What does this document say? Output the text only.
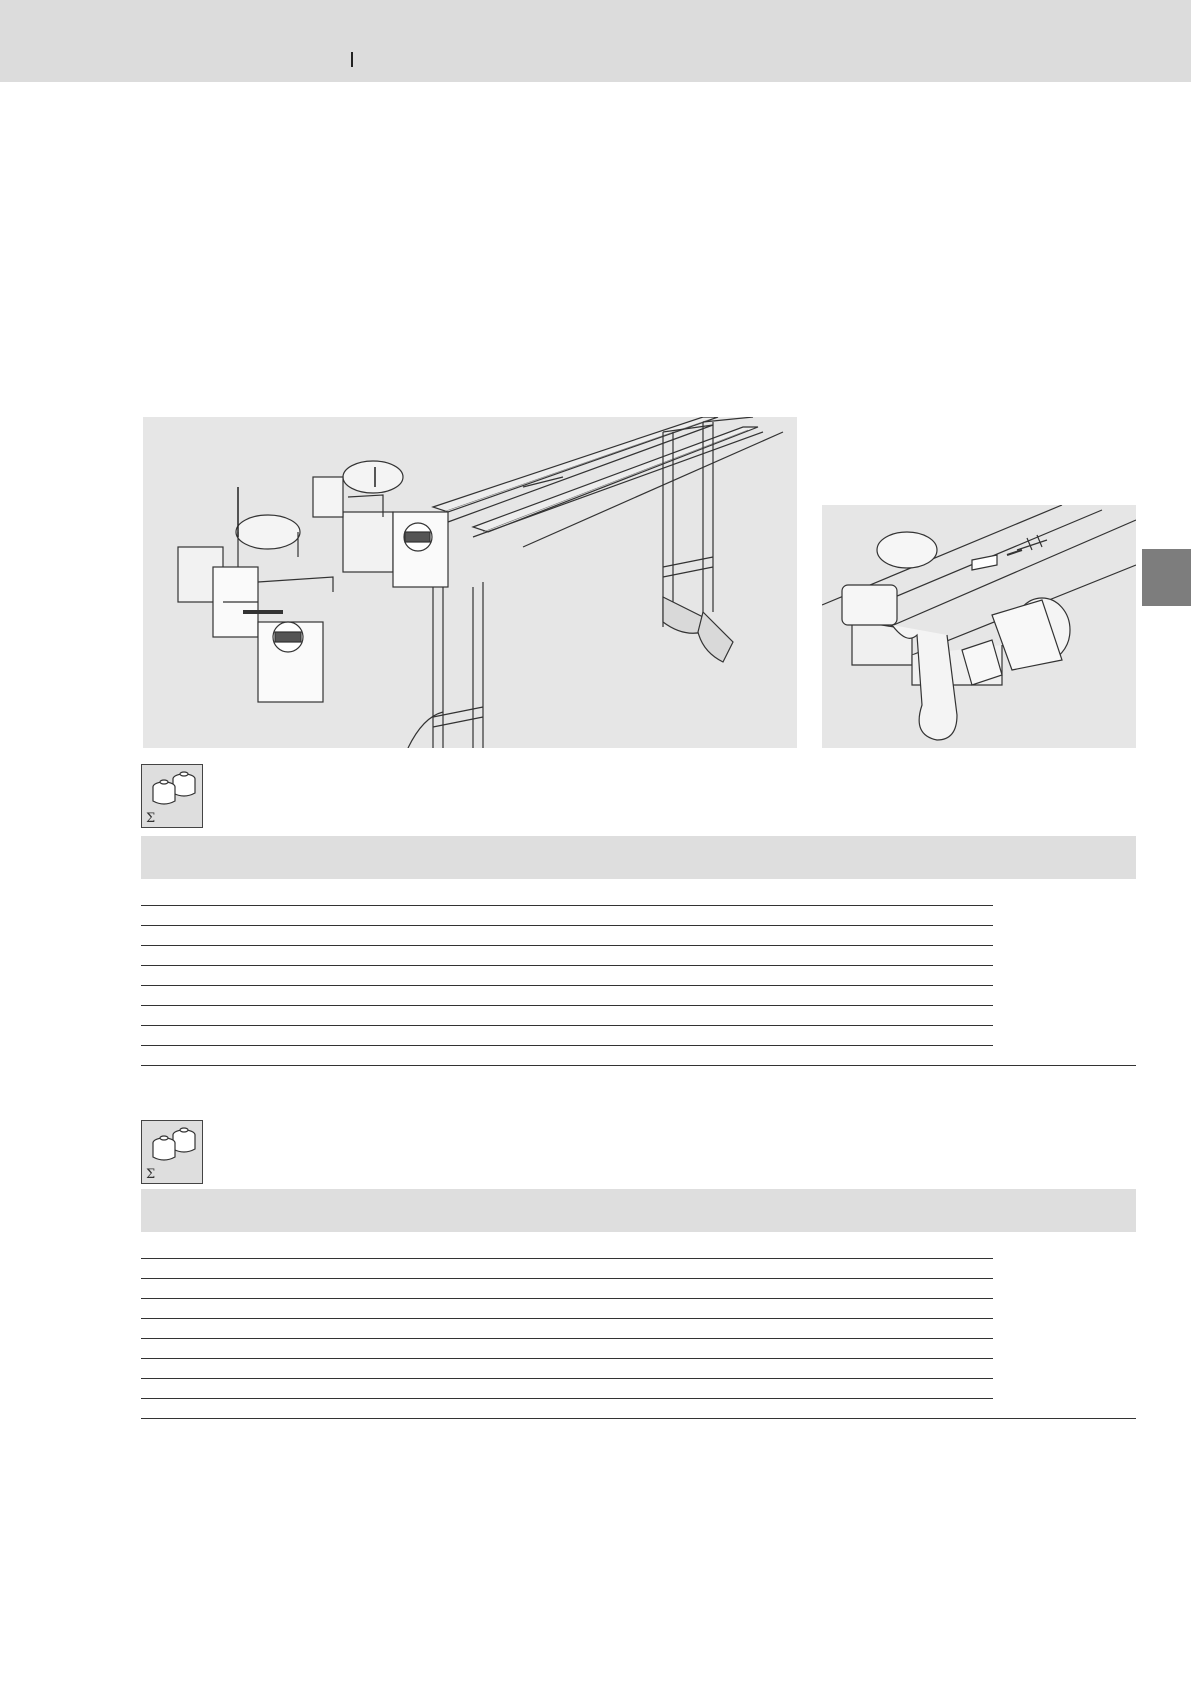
Σ
Σ
